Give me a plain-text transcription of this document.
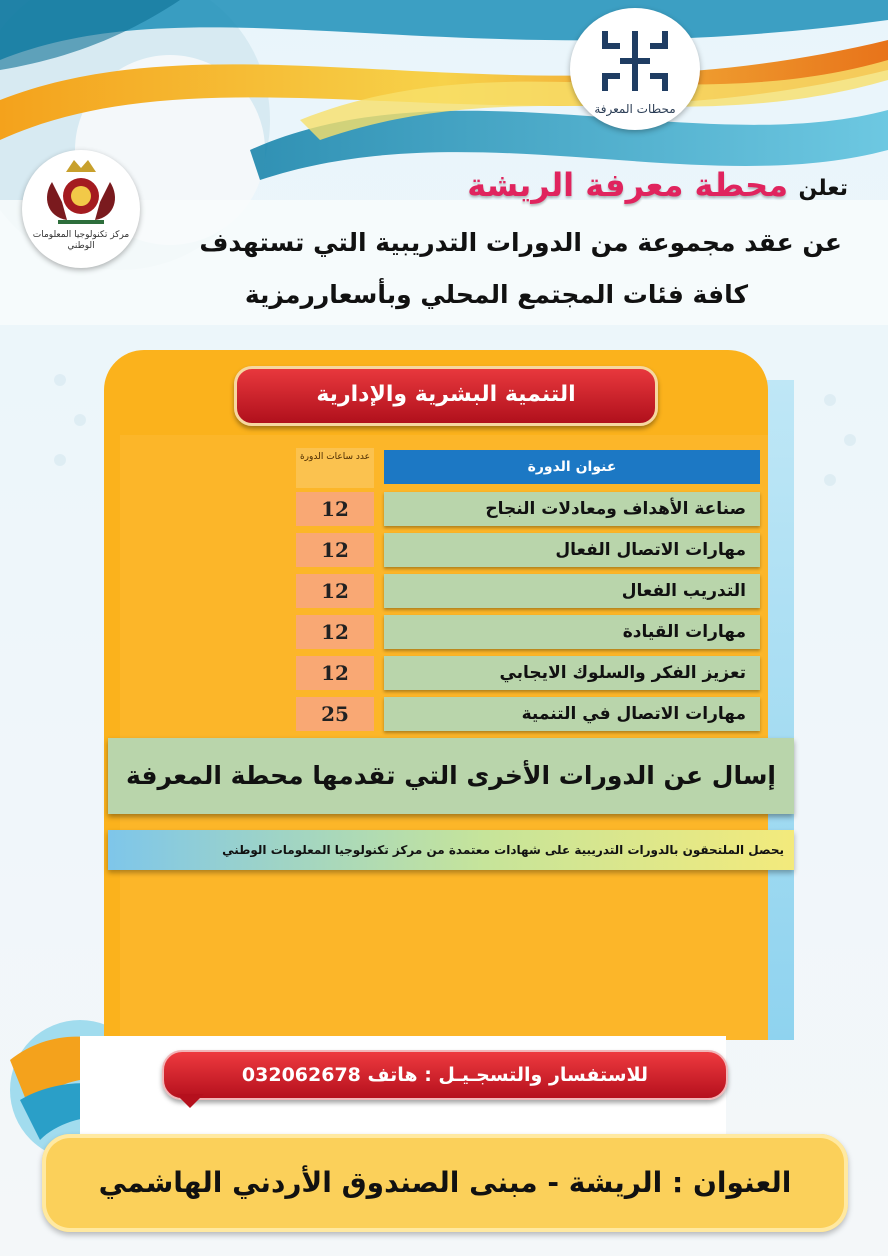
محطات المعرفة
مركز تكنولوجيا المعلومات الوطني
تعلن
محطة معرفة الريشة
عن عقد مجموعة من الدورات التدريبية التي تستهدف
كافة فئات المجتمع المحلي وبأسعاررمزية
التنمية البشرية والإدارية
عنوان الدورة
عدد ساعات الدورة
صناعة الأهداف ومعادلات النجاح
12
مهارات الاتصال الفعال
12
التدريب الفعال
12
مهارات القيادة
12
تعزيز الفكر والسلوك الايجابي
12
مهارات الاتصال في التنمية
25
إسال عن الدورات الأخرى التي تقدمها محطة المعرفة
يحصل الملتحقون بالدورات التدريبية على شهادات معتمدة من مركز تكنولوجيا المعلومات الوطني
للاستفسار والتسجـيـل : هاتف 032062678
العنوان : الريشة - مبنى الصندوق الأردني الهاشمي
